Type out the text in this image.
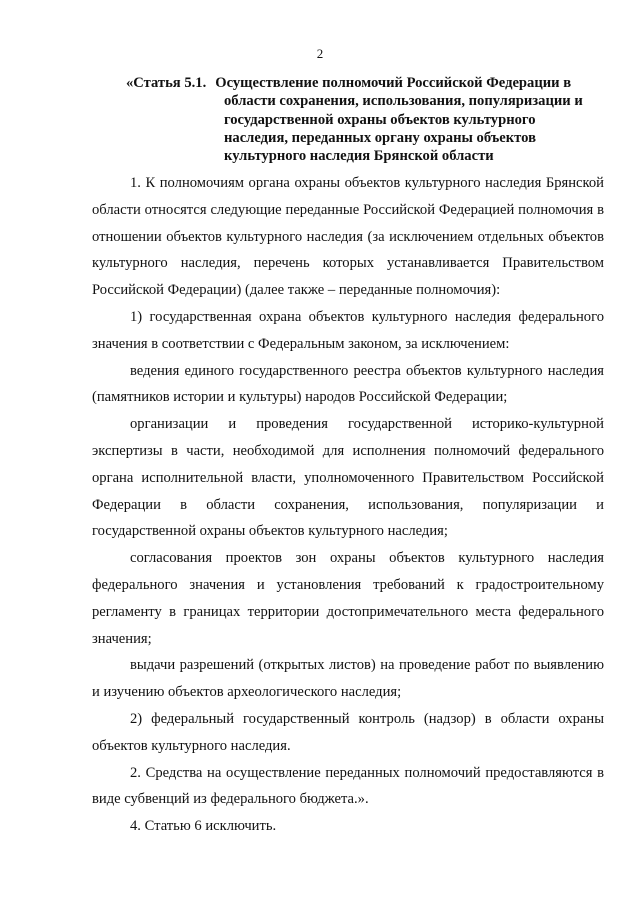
2
«Статья 5.1. Осуществление полномочий Российской Федерации в
области сохранения, использования, популяризации и
государственной охраны объектов культурного
наследия, переданных органу охраны объектов
культурного наследия Брянской области

1. К полномочиям органа охраны объектов культурного наследия Брянской области относятся следующие переданные Российской Федерацией полномочия в отношении объектов культурного наследия (за исключением отдельных объектов культурного наследия, перечень которых устанавливается Правительством Российской Федерации) (далее также – переданные полномочия):

1) государственная охрана объектов культурного наследия федерального значения в соответствии с Федеральным законом, за исключением:

ведения единого государственного реестра объектов культурного наследия (памятников истории и культуры) народов Российской Федерации;

организации и проведения государственной историко-культурной экспертизы в части, необходимой для исполнения полномочий федерального органа исполнительной власти, уполномоченного Правительством Российской Федерации в области сохранения, использования, популяризации и государственной охраны объектов культурного наследия;

согласования проектов зон охраны объектов культурного наследия федерального значения и установления требований к градостроительному регламенту в границах территории достопримечательного места федерального значения;

выдачи разрешений (открытых листов) на проведение работ по выявлению и изучению объектов археологического наследия;

2) федеральный государственный контроль (надзор) в области охраны объектов культурного наследия.

2. Средства на осуществление переданных полномочий предоставляются в виде субвенций из федерального бюджета.».

4. Статью 6 исключить.
